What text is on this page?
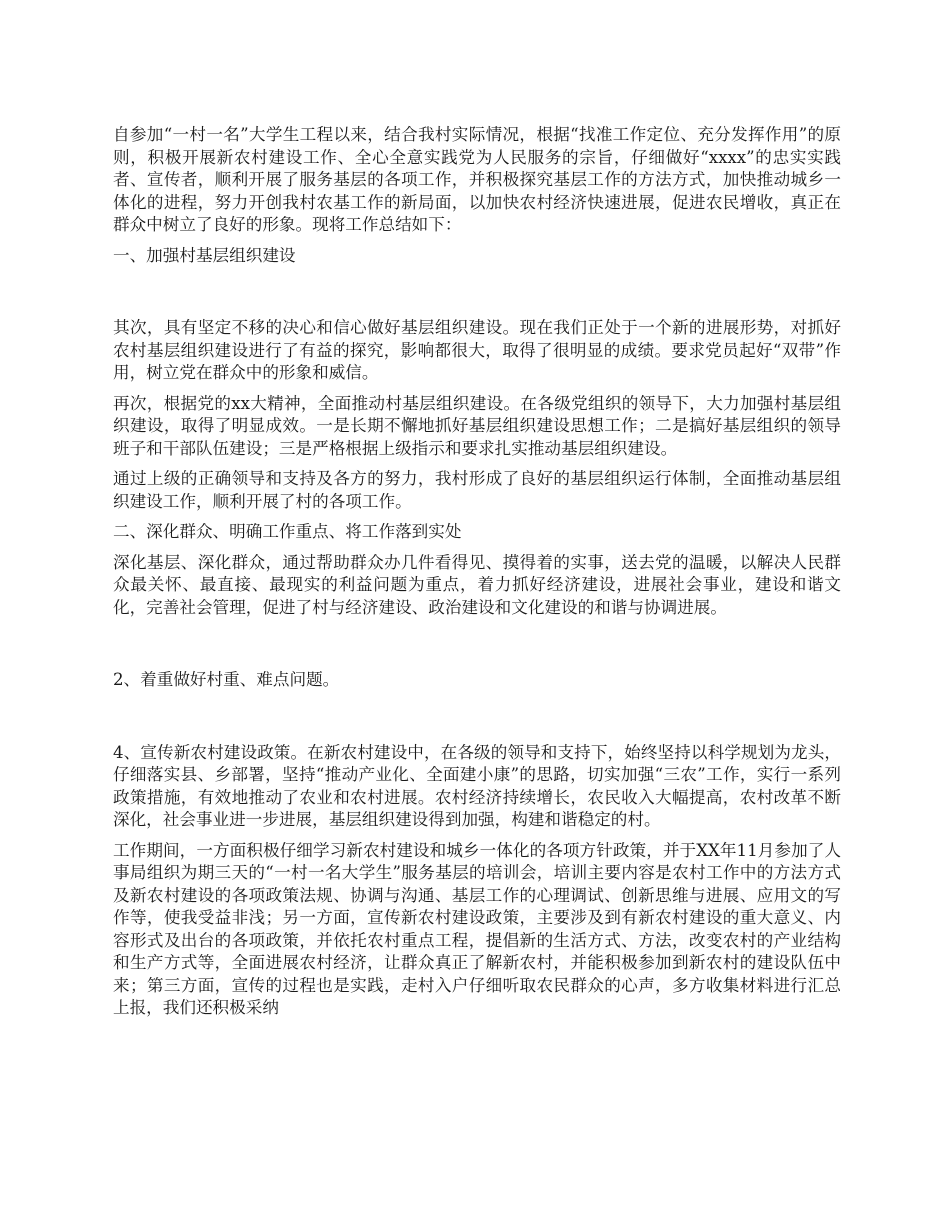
自参加“一村一名”大学生工程以来，结合我村实际情况，根据“找准工作定位、充分发挥作用”的原则，积极开展新农村建设工作、全心全意实践党为人民服务的宗旨，仔细做好“xxxx”的忠实实践者、宣传者，顺利开展了服务基层的各项工作，并积极探究基层工作的方法方式，加快推动城乡一体化的进程，努力开创我村农基工作的新局面，以加快农村经济快速进展，促进农民增收，真正在群众中树立了良好的形象。现将工作总结如下：

一、加强村基层组织建设

其次，具有坚定不移的决心和信心做好基层组织建设。现在我们正处于一个新的进展形势，对抓好农村基层组织建设进行了有益的探究，影响都很大，取得了很明显的成绩。要求党员起好“双带”作用，树立党在群众中的形象和威信。

再次，根据党的xx大精神，全面推动村基层组织建设。在各级党组织的领导下，大力加强村基层组织建设，取得了明显成效。一是长期不懈地抓好基层组织建设思想工作；二是搞好基层组织的领导班子和干部队伍建设；三是严格根据上级指示和要求扎实推动基层组织建设。

通过上级的正确领导和支持及各方的努力，我村形成了良好的基层组织运行体制，全面推动基层组织建设工作，顺利开展了村的各项工作。

二、深化群众、明确工作重点、将工作落到实处

深化基层、深化群众，通过帮助群众办几件看得见、摸得着的实事，送去党的温暖，以解决人民群众最关怀、最直接、最现实的利益问题为重点，着力抓好经济建设，进展社会事业，建设和谐文化，完善社会管理，促进了村与经济建设、政治建设和文化建设的和谐与协调进展。

2、着重做好村重、难点问题。

4、宣传新农村建设政策。在新农村建设中，在各级的领导和支持下，始终坚持以科学规划为龙头，仔细落实县、乡部署，坚持“推动产业化、全面建小康”的思路，切实加强“三农”工作，实行一系列政策措施，有效地推动了农业和农村进展。农村经济持续增长，农民收入大幅提高，农村改革不断深化，社会事业进一步进展，基层组织建设得到加强，构建和谐稳定的村。

工作期间，一方面积极仔细学习新农村建设和城乡一体化的各项方针政策，并于XX年11月参加了人事局组织为期三天的“一村一名大学生”服务基层的培训会，培训主要内容是农村工作中的方法方式及新农村建设的各项政策法规、协调与沟通、基层工作的心理调试、创新思维与进展、应用文的写作等，使我受益非浅；另一方面，宣传新农村建设政策，主要涉及到有新农村建设的重大意义、内容形式及出台的各项政策，并依托农村重点工程，提倡新的生活方式、方法，改变农村的产业结构和生产方式等，全面进展农村经济，让群众真正了解新农村，并能积极参加到新农村的建设队伍中来；第三方面，宣传的过程也是实践，走村入户仔细听取农民群众的心声，多方收集材料进行汇总上报，我们还积极采纳
